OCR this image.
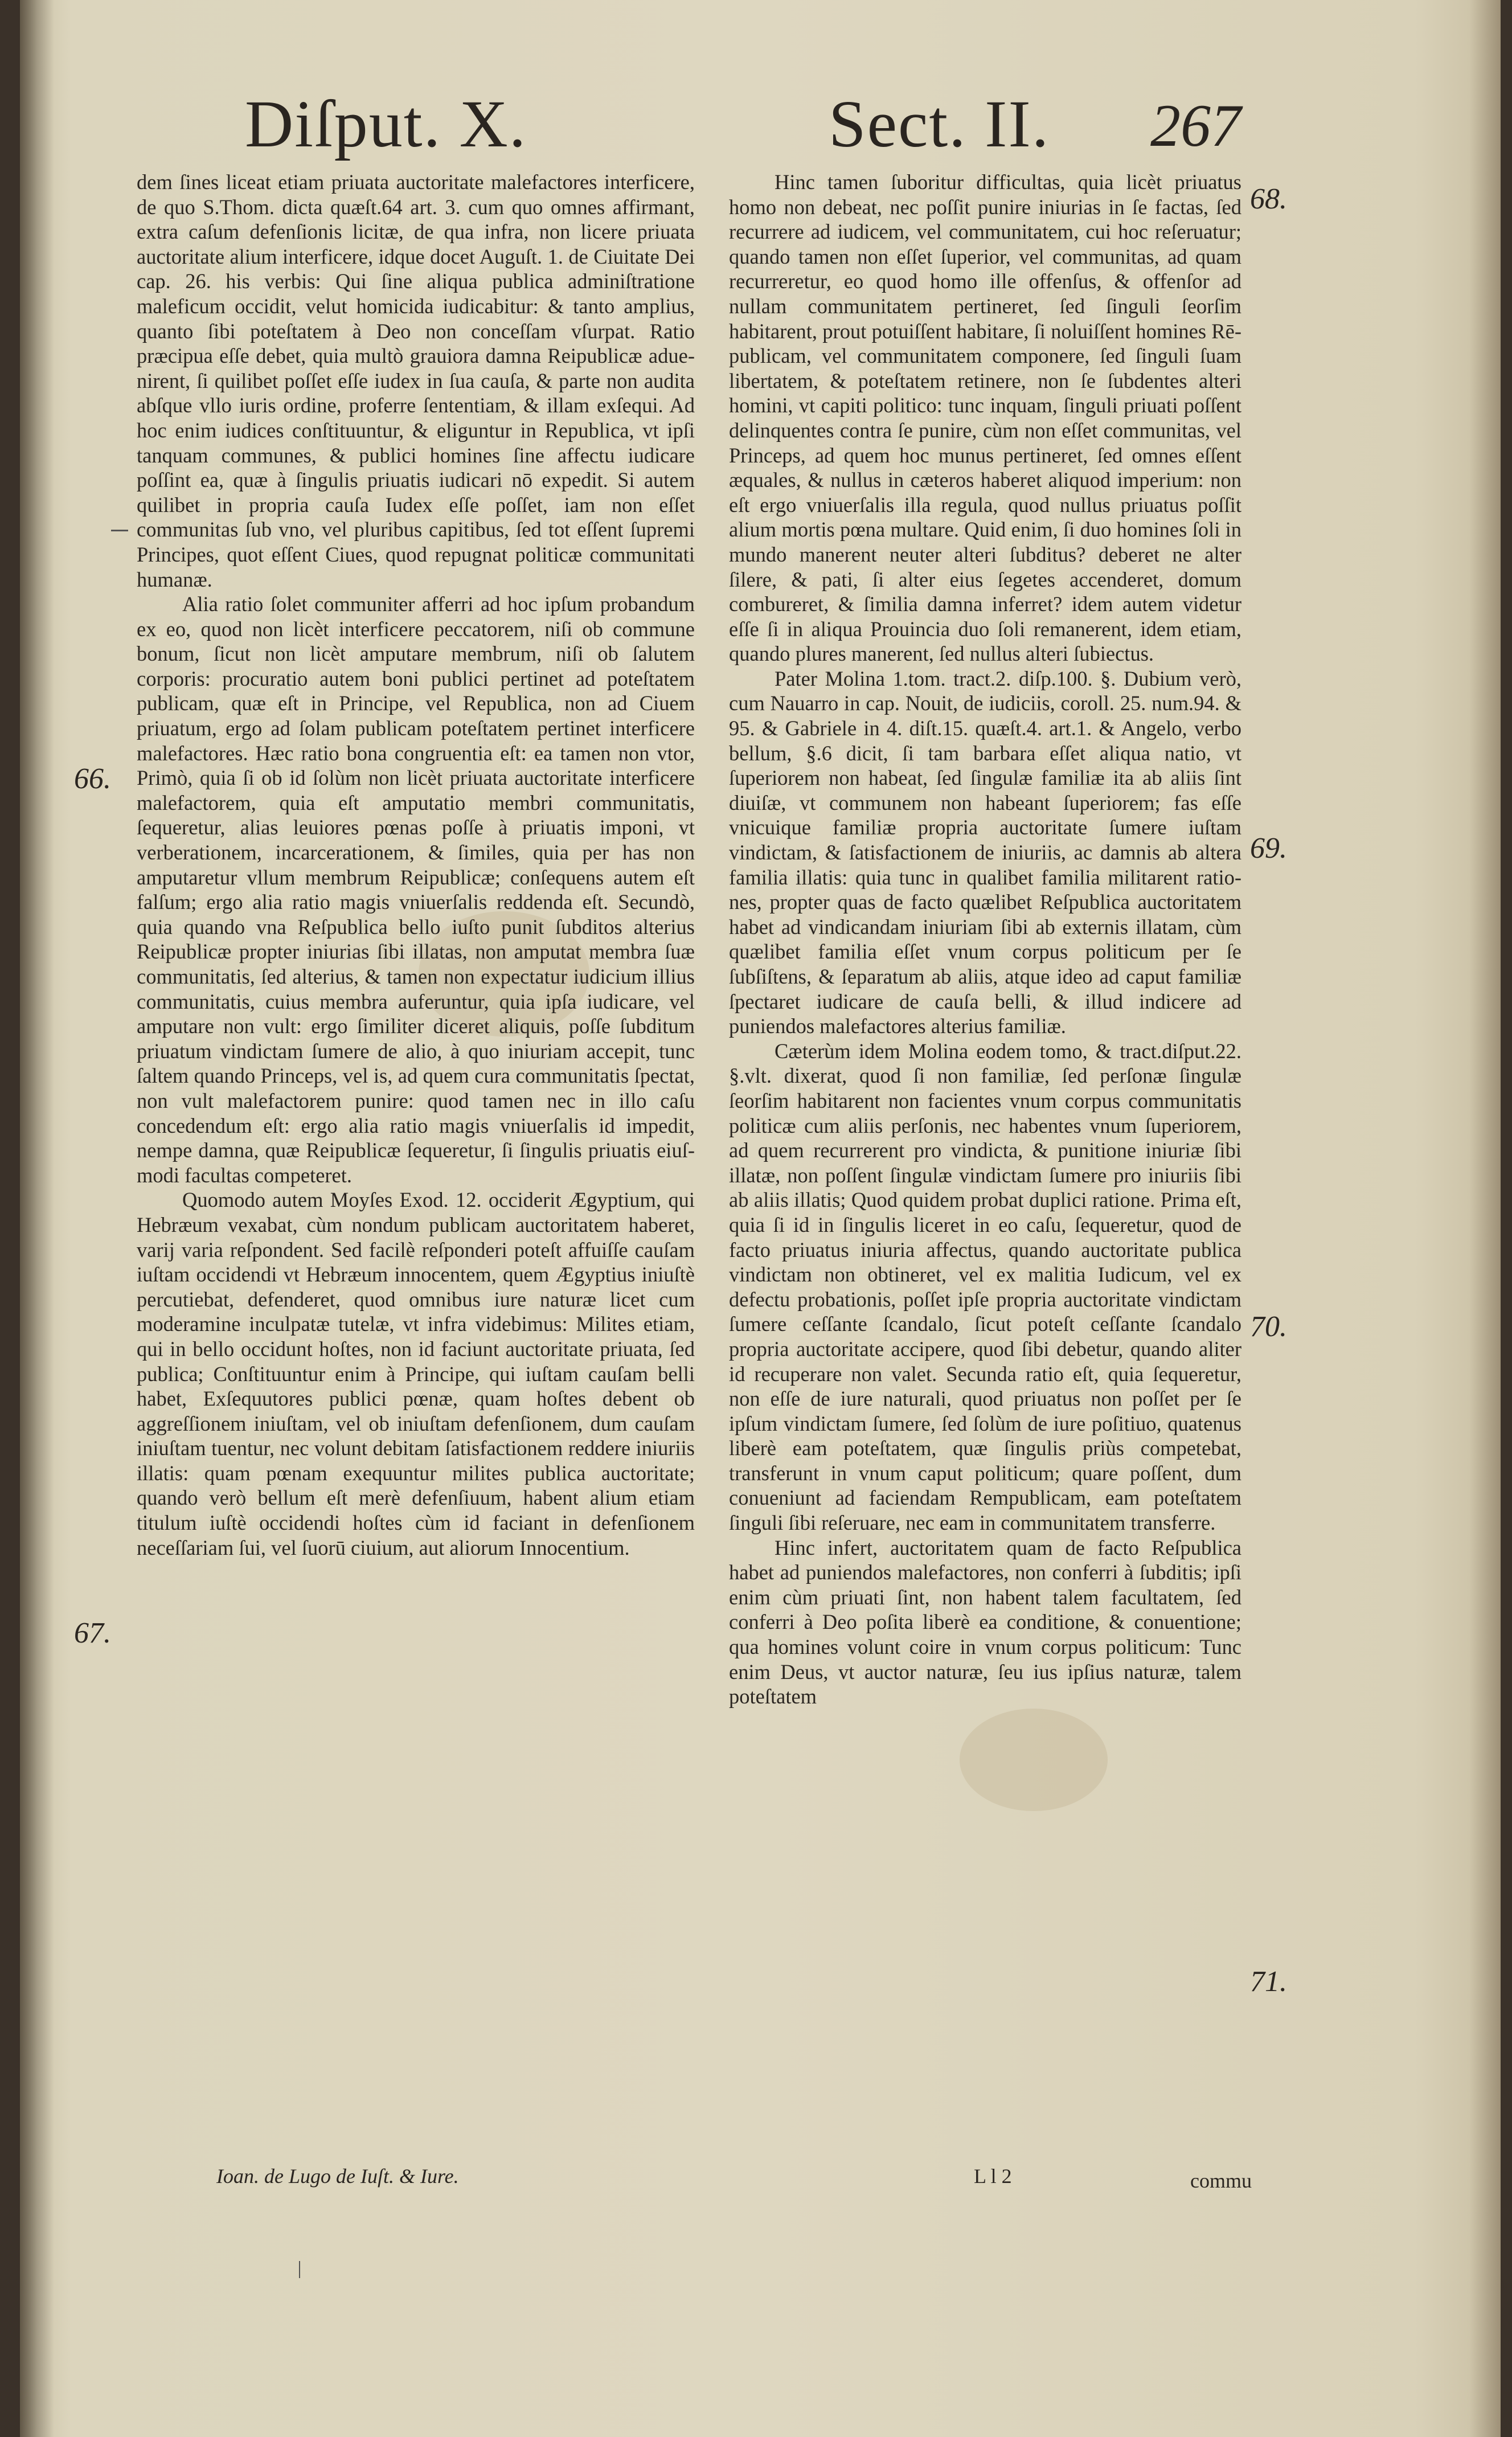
Diſput. X.	Sect. II. 267

dem ſines liceat etiam priuata auctoritate malefactores interficere, de quo S.Thom. dicta quæſt.64 art. 3. cum quo omnes affirmant, extra caſum defenſionis licitæ, de qua infra, non licere priuata auctoritate alium interficere, idque docet Auguſt. 1. de Ciuitate Dei cap. 26. his verbis: Qui ſine aliqua publica adminiſtratione maleficum occidit, velut homicida iudicabitur: & tanto amplius, quanto ſibi poteſtatem à Deo non conceſſam vſurpat. Ratio præcipua eſſe debet, quia multò grauiora damna Reipublicæ aduenirent, ſi quilibet poſſet eſſe iudex in ſua cauſa, & parte non audita abſque vllo iuris ordine, proferre ſententiam, & illam exſequi. Ad hoc enim iudices conſtituuntur, & eliguntur in Republica, vt ipſi tanquam communes, & publici homines ſine affectu iudicare poſſint ea, quæ à ſingulis priuatis iudicari nō expedit. Si autem quilibet in propria cauſa Iudex eſſe poſſet, iam non eſſet communitas ſub vno, vel pluribus capitibus, ſed tot eſſent ſupremi Principes, quot eſſent Ciues, quod repugnat politicæ communitati humanæ.

Alia ratio ſolet communiter afferri ad hoc ipſum probandum ex eo, quod non licèt interficere peccatorem, niſi ob commune bonum, ſicut non licèt amputare membrum, niſi ob ſalutem corporis: procuratio autem boni publici pertinet ad poteſtatem publicam, quæ eſt in Principe, vel Republica, non ad Ciuem priuatum, ergo ad ſolam publicam poteſtatem pertinet interficere malefactores. Hæc ratio bona congruentia eſt: ea tamen non vtor, Primò, quia ſi ob id ſolùm non licèt priuata auctoritate interficere malefactorem, quia eſt amputatio membri communitatis, ſequeretur, alias leuiores pœnas poſſe à priuatis imponi, vt verberationem, incarcerationem, & ſimiles, quia per has non amputaretur vllum membrum Reipublicæ; conſequens autem eſt falſum; ergo alia ratio magis vniuerſalis reddenda eſt. Secundò, quia quando vna Reſpublica bello iuſto punit ſubditos alterius Reipublicæ propter iniurias ſibi illatas, non amputat membra ſuæ communitatis, ſed alterius, & tamen non expectatur iudicium illius communitatis, cuius membra auferuntur, quia ipſa iudicare, vel amputare non vult: ergo ſimiliter diceret aliquis, poſſe ſubditum priuatum vindictam ſumere de alio, à quo iniuriam accepit, tunc ſaltem quando Princeps, vel is, ad quem cura communitatis ſpectat, non vult malefactorem punire: quod tamen nec in illo caſu concedendum eſt: ergo alia ratio magis vniuerſalis id impedit, nempe damna, quæ Reipublicæ ſequeretur, ſi ſingulis priuatis eiuſmodi facultas competeret.

Quomodo autem Moyſes Exod. 12. occiderit Ægyptium, qui Hebræum vexabat, cùm nondum publicam auctoritatem haberet, varij varia reſpondent. Sed facilè reſponderi poteſt affuiſſe cauſam iuſtam occidendi vt Hebræum innocentem, quem Ægyptius iniuſtè percutiebat, defenderet, quod omnibus iure naturæ licet cum moderamine inculpatæ tutelæ, vt infra videbimus: Milites etiam, qui in bello occidunt hoſtes, non id faciunt auctoritate priuata, ſed publica; Conſtituuntur enim à Principe, qui iuſtam cauſam belli habet, Exſequutores publici pœnæ, quam hoſtes debent ob aggreſſionem iniuſtam, vel ob iniuſtam defenſionem, dum cauſam iniuſtam tuentur, nec volunt debitam ſatisfactionem reddere iniuriis illatis: quam pœnam exequuntur milites publica auctoritate; quando verò bellum eſt merè defenſiuum, habent alium etiam titulum iuſtè occidendi hoſtes cùm id faciant in defenſionem neceſſariam ſui, vel ſuorū ciuium, aut aliorum Innocentium.

66.
67.

Hinc tamen ſuboritur difficultas, quia licèt priuatus homo non debeat, nec poſſit punire iniurias in ſe factas, ſed recurrere ad iudicem, vel communitatem, cui hoc reſeruatur; quando tamen non eſſet ſuperior, vel communitas, ad quam recurreretur, eo quod homo ille offenſus, & offenſor ad nullam communitatem pertineret, ſed ſinguli ſeorſim habitarent, prout potuiſſent habitare, ſi noluiſſent homines Rēpublicam, vel communitatem componere, ſed ſinguli ſuam libertatem, & poteſtatem retinere, non ſe ſubdentes alteri homini, vt capiti politico: tunc inquam, ſinguli priuati poſſent delinquentes contra ſe punire, cùm non eſſet communitas, vel Princeps, ad quem hoc munus pertineret, ſed omnes eſſent æquales, & nullus in cæteros haberet aliquod imperium: non eſt ergo vniuerſalis illa regula, quod nullus priuatus poſſit alium mortis pœna multare. Quid enim, ſi duo homines ſoli in mundo manerent neuter alteri ſubditus? deberet ne alter ſilere, & pati, ſi alter eius ſegetes accenderet, domum combureret, & ſimilia damna inferret? idem autem videtur eſſe ſi in aliqua Prouincia duo ſoli remanerent, idem etiam, quando plures manerent, ſed nullus alteri ſubiectus.

Pater Molina 1.tom. tract.2. diſp.100. §. Dubium verò, cum Nauarro in cap. Nouit, de iudiciis, coroll. 25. num.94. & 95. & Gabriele in 4. diſt.15. quæſt.4. art.1. & Angelo, verbo bellum, §.6 dicit, ſi tam barbara eſſet aliqua natio, vt ſuperiorem non habeat, ſed ſingulæ familiæ ita ab aliis ſint diuiſæ, vt communem non habeant ſuperiorem; fas eſſe vnicuique familiæ propria auctoritate ſumere iuſtam vindictam, & ſatisfactionem de iniuriis, ac damnis ab altera familia illatis: quia tunc in qualibet familia militarent rationes, propter quas de facto quælibet Reſpublica auctoritatem habet ad vindicandam iniuriam ſibi ab externis illatam, cùm quælibet familia eſſet vnum corpus politicum per ſe ſubſiſtens, & ſeparatum ab aliis, atque ideo ad caput familiæ ſpectaret iudicare de cauſa belli, & illud indicere ad puniendos malefactores alterius familiæ.

Cæterùm idem Molina eodem tomo, & tract.diſput.22. §.vlt. dixerat, quod ſi non familiæ, ſed perſonæ ſingulæ ſeorſim habitarent non facientes vnum corpus communitatis politicæ cum aliis perſonis, nec habentes vnum ſuperiorem, ad quem recurrerent pro vindicta, & punitione iniuriæ ſibi illatæ, non poſſent ſingulæ vindictam ſumere pro iniuriis ſibi ab aliis illatis; Quod quidem probat duplici ratione. Prima eſt, quia ſi id in ſingulis liceret in eo caſu, ſequeretur, quod de facto priuatus iniuria affectus, quando auctoritate publica vindictam non obtineret, vel ex malitia Iudicum, vel ex defectu probationis, poſſet ipſe propria auctoritate vindictam ſumere ceſſante ſcandalo, ſicut poteſt ceſſante ſcandalo propria auctoritate accipere, quod ſibi debetur, quando aliter id recuperare non valet. Secunda ratio eſt, quia ſequeretur, non eſſe de iure naturali, quod priuatus non poſſet per ſe ipſum vindictam ſumere, ſed ſolùm de iure poſitiuo, quatenus liberè eam poteſtatem, quæ ſingulis priùs competebat, transferunt in vnum caput politicum; quare poſſent, dum conueniunt ad faciendam Rempublicam, eam poteſtatem ſinguli ſibi reſeruare, nec eam in communitatem transferre.

Hinc infert, auctoritatem quam de facto Reſpublica habet ad puniendos malefactores, non conferri à ſubditis; ipſi enim cùm priuati ſint, non habent talem facultatem, ſed conferri à Deo poſita liberè ea conditione, & conuentione; qua homines volunt coire in vnum corpus politicum: Tunc enim Deus, vt auctor naturæ, ſeu ius ipſius naturæ, talem poteſtatem

68.
69.
70.
71.
Ioan. de Lugo de Iuſt. & Iure.	L l 2	commu
